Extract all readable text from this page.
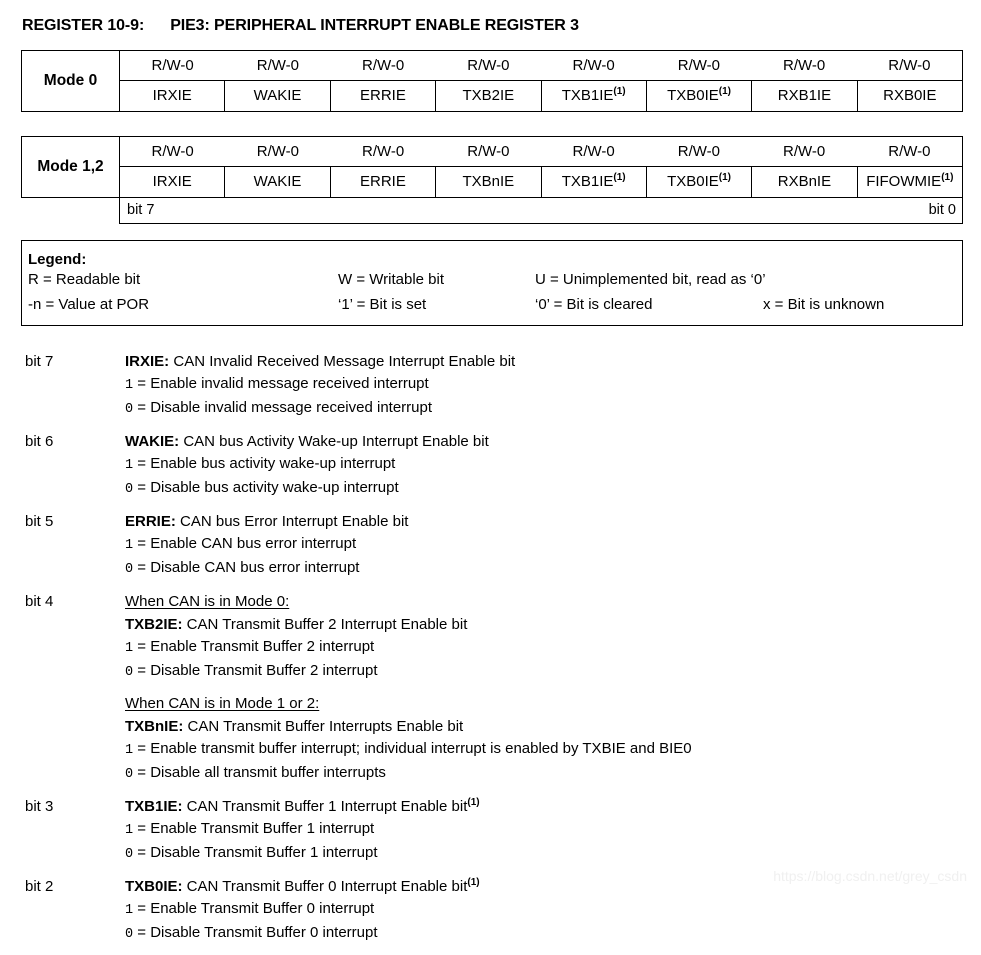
REGISTER 10-9: PIE3: PERIPHERAL INTERRUPT ENABLE REGISTER 3
Mode 0
R/W-0	R/W-0	R/W-0	R/W-0	R/W-0	R/W-0	R/W-0	R/W-0
IRXIE	WAKIE	ERRIE	TXB2IE	TXB1IE$^{(1)}$	TXB0IE$^{(1)}$	RXB1IE	RXB0IE
Mode 1,2
R/W-0	R/W-0	R/W-0	R/W-0	R/W-0	R/W-0	R/W-0	R/W-0
IRXIE	WAKIE	ERRIE	TXBnIE	TXB1IE$^{(1)}$	TXB0IE$^{(1)}$	RXBnIE	FIFOWMIE$^{(1)}$
bit 7	bit 0
Legend:
R = Readable bit	W = Writable bit	U = Unimplemented bit, read as ‘0’
-n = Value at POR	‘1’ = Bit is set	‘0’ = Bit is cleared	x = Bit is unknown
bit 7	IRXIE: CAN Invalid Received Message Interrupt Enable bit
1 = Enable invalid message received interrupt
0 = Disable invalid message received interrupt
bit 6	WAKIE: CAN bus Activity Wake-up Interrupt Enable bit
1 = Enable bus activity wake-up interrupt
0 = Disable bus activity wake-up interrupt
bit 5	ERRIE: CAN bus Error Interrupt Enable bit
1 = Enable CAN bus error interrupt
0 = Disable CAN bus error interrupt
bit 4	When CAN is in Mode 0:
TXB2IE: CAN Transmit Buffer 2 Interrupt Enable bit
1 = Enable Transmit Buffer 2 interrupt
0 = Disable Transmit Buffer 2 interrupt
When CAN is in Mode 1 or 2:
TXBnIE: CAN Transmit Buffer Interrupts Enable bit
1 = Enable transmit buffer interrupt; individual interrupt is enabled by TXBIE and BIE0
0 = Disable all transmit buffer interrupts
bit 3	TXB1IE: CAN Transmit Buffer 1 Interrupt Enable bit$^{(1)}$
1 = Enable Transmit Buffer 1 interrupt
0 = Disable Transmit Buffer 1 interrupt
bit 2	TXB0IE: CAN Transmit Buffer 0 Interrupt Enable bit$^{(1)}$
1 = Enable Transmit Buffer 0 interrupt
0 = Disable Transmit Buffer 0 interrupt
https://blog.csdn.net/grey_csdn
